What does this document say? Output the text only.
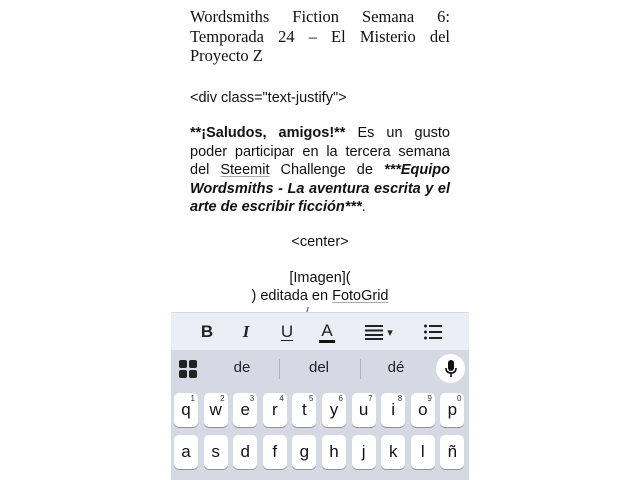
Wordsmiths Fiction Semana 6: Temporada 24 – El Misterio del Proyecto Z
<div class="text-justify">
**¡Saludos, amigos!** Es un gusto poder participar en la tercera semana del Steemit Challenge de ***Equipo Wordsmiths - La aventura escrita y el arte de escribir ficción***.
<center>
[Imagen](
) editada en FotoGrid
B	I	U	A	▾
de	del	dé
q
$^1$
w
2
e
$^3$
r
$^4$
t
$^5$
y
$^6$
u
$^7$
i
$^8$
o
$^9$
p
$^0$
a s d f g h j k l ñ
